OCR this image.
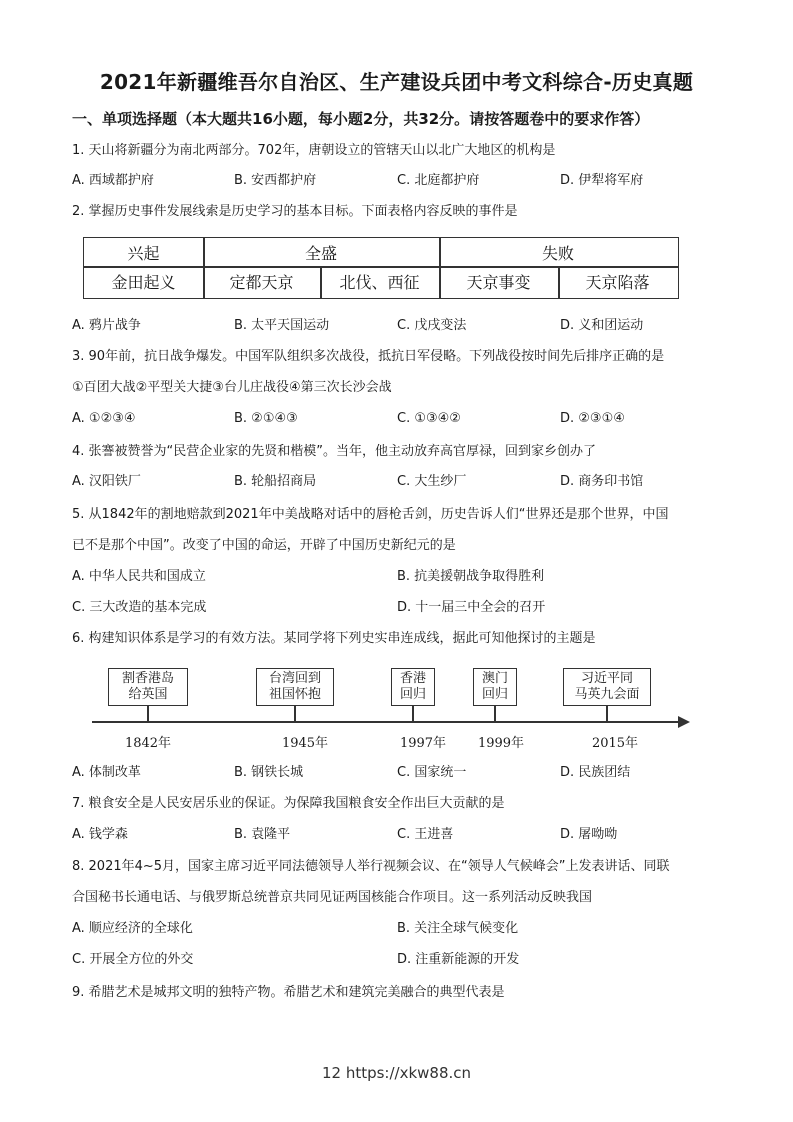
2021年新疆维吾尔自治区、生产建设兵团中考文科综合-历史真题
一、单项选择题（本大题共16小题，每小题2分，共32分。请按答题卷中的要求作答）
1. 天山将新疆分为南北两部分。702年，唐朝设立的管辖天山以北广大地区的机构是
A. 西域都护府	B. 安西都护府	C. 北庭都护府	D. 伊犁将军府
2. 掌握历史事件发展线索是历史学习的基本目标。下面表格内容反映的事件是
兴起	全盛	失败
金田起义	定都天京	北伐、西征	天京事变	天京陷落
A. 鸦片战争	B. 太平天国运动	C. 戊戌变法	D. 义和团运动
3. 90年前，抗日战争爆发。中国军队组织多次战役，抵抗日军侵略。下列战役按时间先后排序正确的是
①百团大战②平型关大捷③台儿庄战役④第三次长沙会战
A. ①②③④	B. ②①④③	C. ①③④②	D. ②③①④
4. 张謇被赞誉为“民营企业家的先贤和楷模”。当年，他主动放弃高官厚禄，回到家乡创办了
A. 汉阳铁厂	B. 轮船招商局	C. 大生纱厂	D. 商务印书馆
5. 从1842年的割地赔款到2021年中美战略对话中的唇枪舌剑，历史告诉人们“世界还是那个世界，中国
已不是那个中国”。改变了中国的命运，开辟了中国历史新纪元的是
A. 中华人民共和国成立	B. 抗美援朝战争取得胜利
C. 三大改造的基本完成	D. 十一届三中全会的召开
6. 构建知识体系是学习的有效方法。某同学将下列史实串连成线，据此可知他探讨的主题是
割香港岛
给英国
1842年
台湾回到
祖国怀抱
1945年
香港
回归
1997年
澳门
回归
1999年
习近平同
马英九会面
2015年
A. 体制改革	B. 钢铁长城	C. 国家统一	D. 民族团结
7. 粮食安全是人民安居乐业的保证。为保障我国粮食安全作出巨大贡献的是
A. 钱学森	B. 袁隆平	C. 王进喜	D. 屠呦呦
8. 2021年4~5月，国家主席习近平同法德领导人举行视频会议、在“领导人气候峰会”上发表讲话、同联
合国秘书长通电话、与俄罗斯总统普京共同见证两国核能合作项目。这一系列活动反映我国
A. 顺应经济的全球化	B. 关注全球气候变化
C. 开展全方位的外交	D. 注重新能源的开发
9. 希腊艺术是城邦文明的独特产物。希腊艺术和建筑完美融合的典型代表是
12 https://xkw88.cn
